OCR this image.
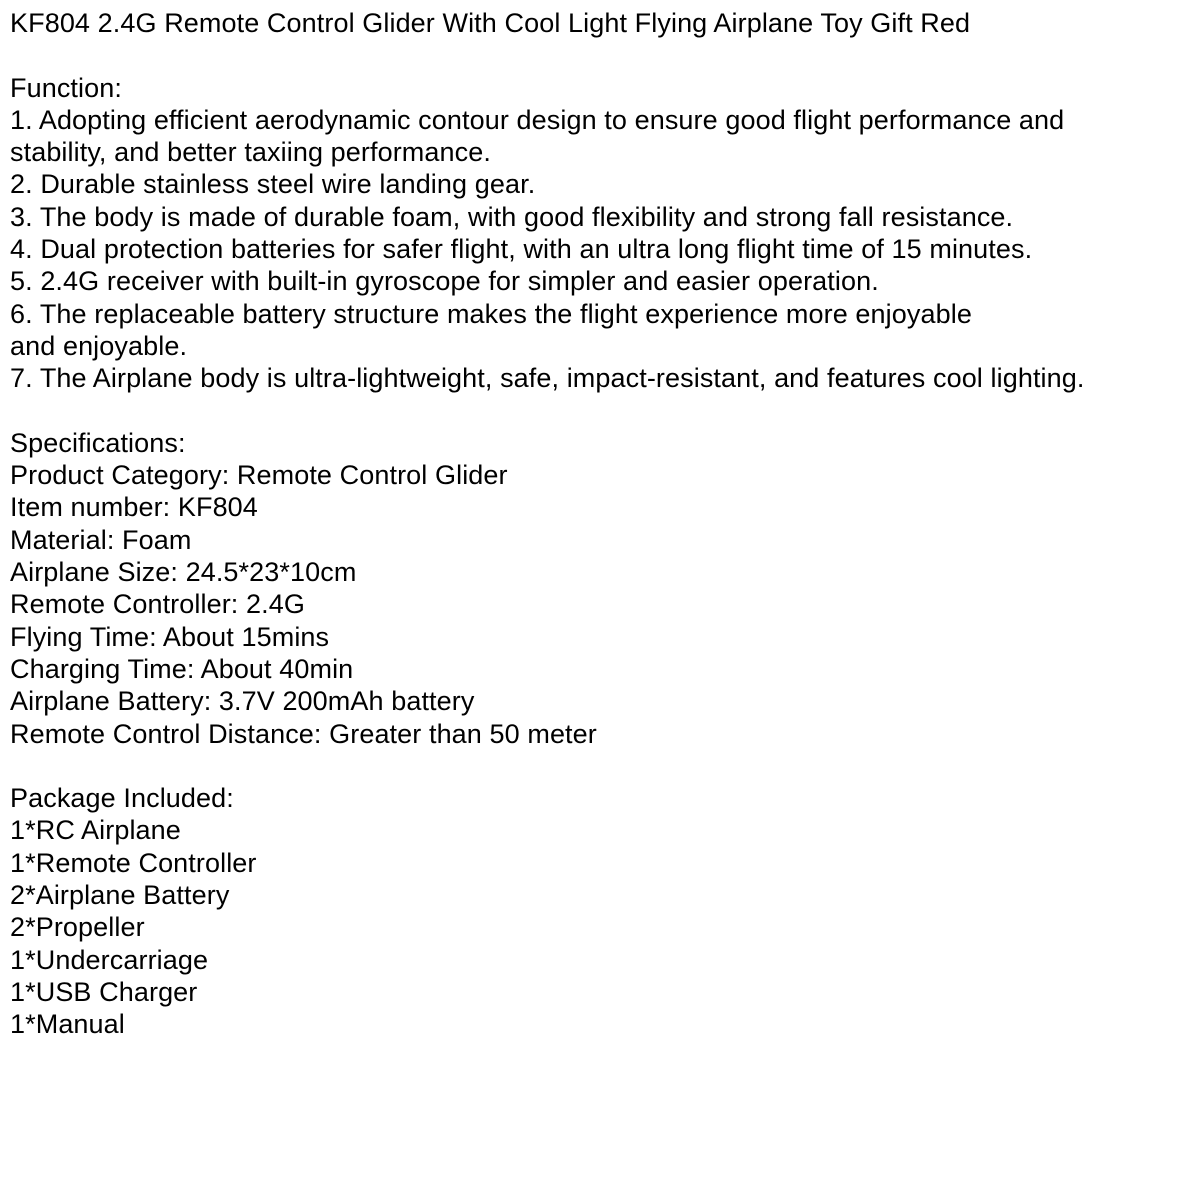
KF804 2.4G Remote Control Glider With Cool Light Flying Airplane Toy Gift Red
Function:
1. Adopting efficient aerodynamic contour design to ensure good flight performance and
stability, and better taxiing performance.
2. Durable stainless steel wire landing gear.
3. The body is made of durable foam, with good flexibility and strong fall resistance.
4. Dual protection batteries for safer flight, with an ultra long flight time of 15 minutes.
5. 2.4G receiver with built-in gyroscope for simpler and easier operation.
6. The replaceable battery structure makes the flight experience more enjoyable
and enjoyable.
7. The Airplane body is ultra-lightweight, safe, impact-resistant, and features cool lighting.
Specifications:
Product Category: Remote Control Glider
Item number: KF804
Material: Foam
Airplane Size: 24.5*23*10cm
Remote Controller: 2.4G
Flying Time: About 15mins
Charging Time: About 40min
Airplane Battery: 3.7V 200mAh battery
Remote Control Distance: Greater than 50 meter
Package Included:
1*RC Airplane
1*Remote Controller
2*Airplane Battery
2*Propeller
1*Undercarriage
1*USB Charger
1*Manual
